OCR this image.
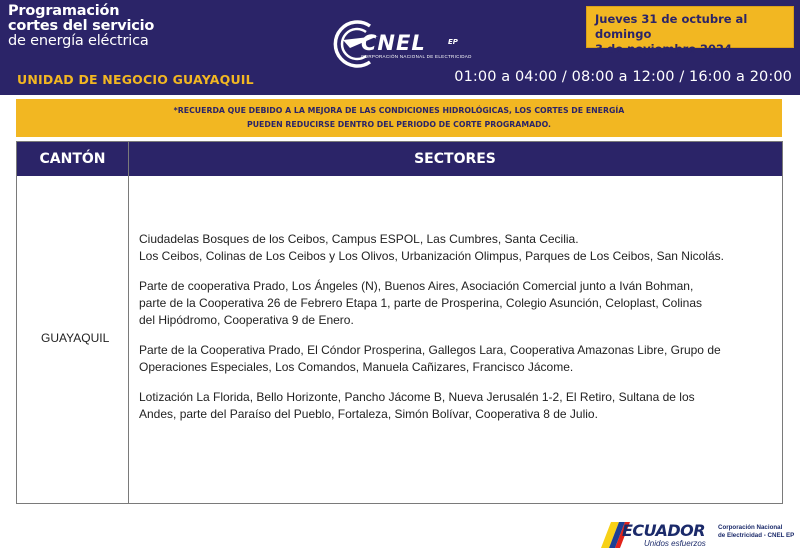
Programación
cortes del servicio
de energía eléctrica
UNIDAD DE NEGOCIO GUAYAQUIL
CNEL	EP
CORPORACIÓN NACIONAL DE ELECTRICIDAD
Jueves 31 de octubre al domingo
3 de noviembre 2024
01:00 a 04:00 / 08:00 a 12:00 / 16:00 a 20:00
*RECUERDA QUE DEBIDO A LA MEJORA DE LAS CONDICIONES HIDROLÓGICAS, LOS CORTES DE ENERGÍA
PUEDEN REDUCIRSE DENTRO DEL PERIODO DE CORTE PROGRAMADO.
CANTÓN	SECTORES
GUAYAQUIL
Ciudadelas Bosques de los Ceibos, Campus ESPOL, Las Cumbres, Santa Cecilia.
Los Ceibos, Colinas de Los Ceibos y Los Olivos, Urbanización Olimpus, Parques de Los Ceibos, San Nicolás.
Parte de cooperativa Prado, Los Ángeles (N), Buenos Aires, Asociación Comercial junto a Iván Bohman,
parte de la Cooperativa 26 de Febrero Etapa 1, parte de Prosperina, Colegio Asunción, Celoplast, Colinas
del Hipódromo, Cooperativa 9 de Enero.
Parte de la Cooperativa Prado, El Cóndor Prosperina, Gallegos Lara, Cooperativa Amazonas Libre, Grupo de
Operaciones Especiales, Los Comandos, Manuela Cañizares, Francisco Jácome.
Lotización La Florida, Bello Horizonte, Pancho Jácome B, Nueva Jerusalén 1-2, El Retiro, Sultana de los
Andes, parte del Paraíso del Pueblo, Fortaleza, Simón Bolívar, Cooperativa 8 de Julio.
ECUADOR
Unidos esfuerzos
Corporación Nacional
de Electricidad - CNEL EP
